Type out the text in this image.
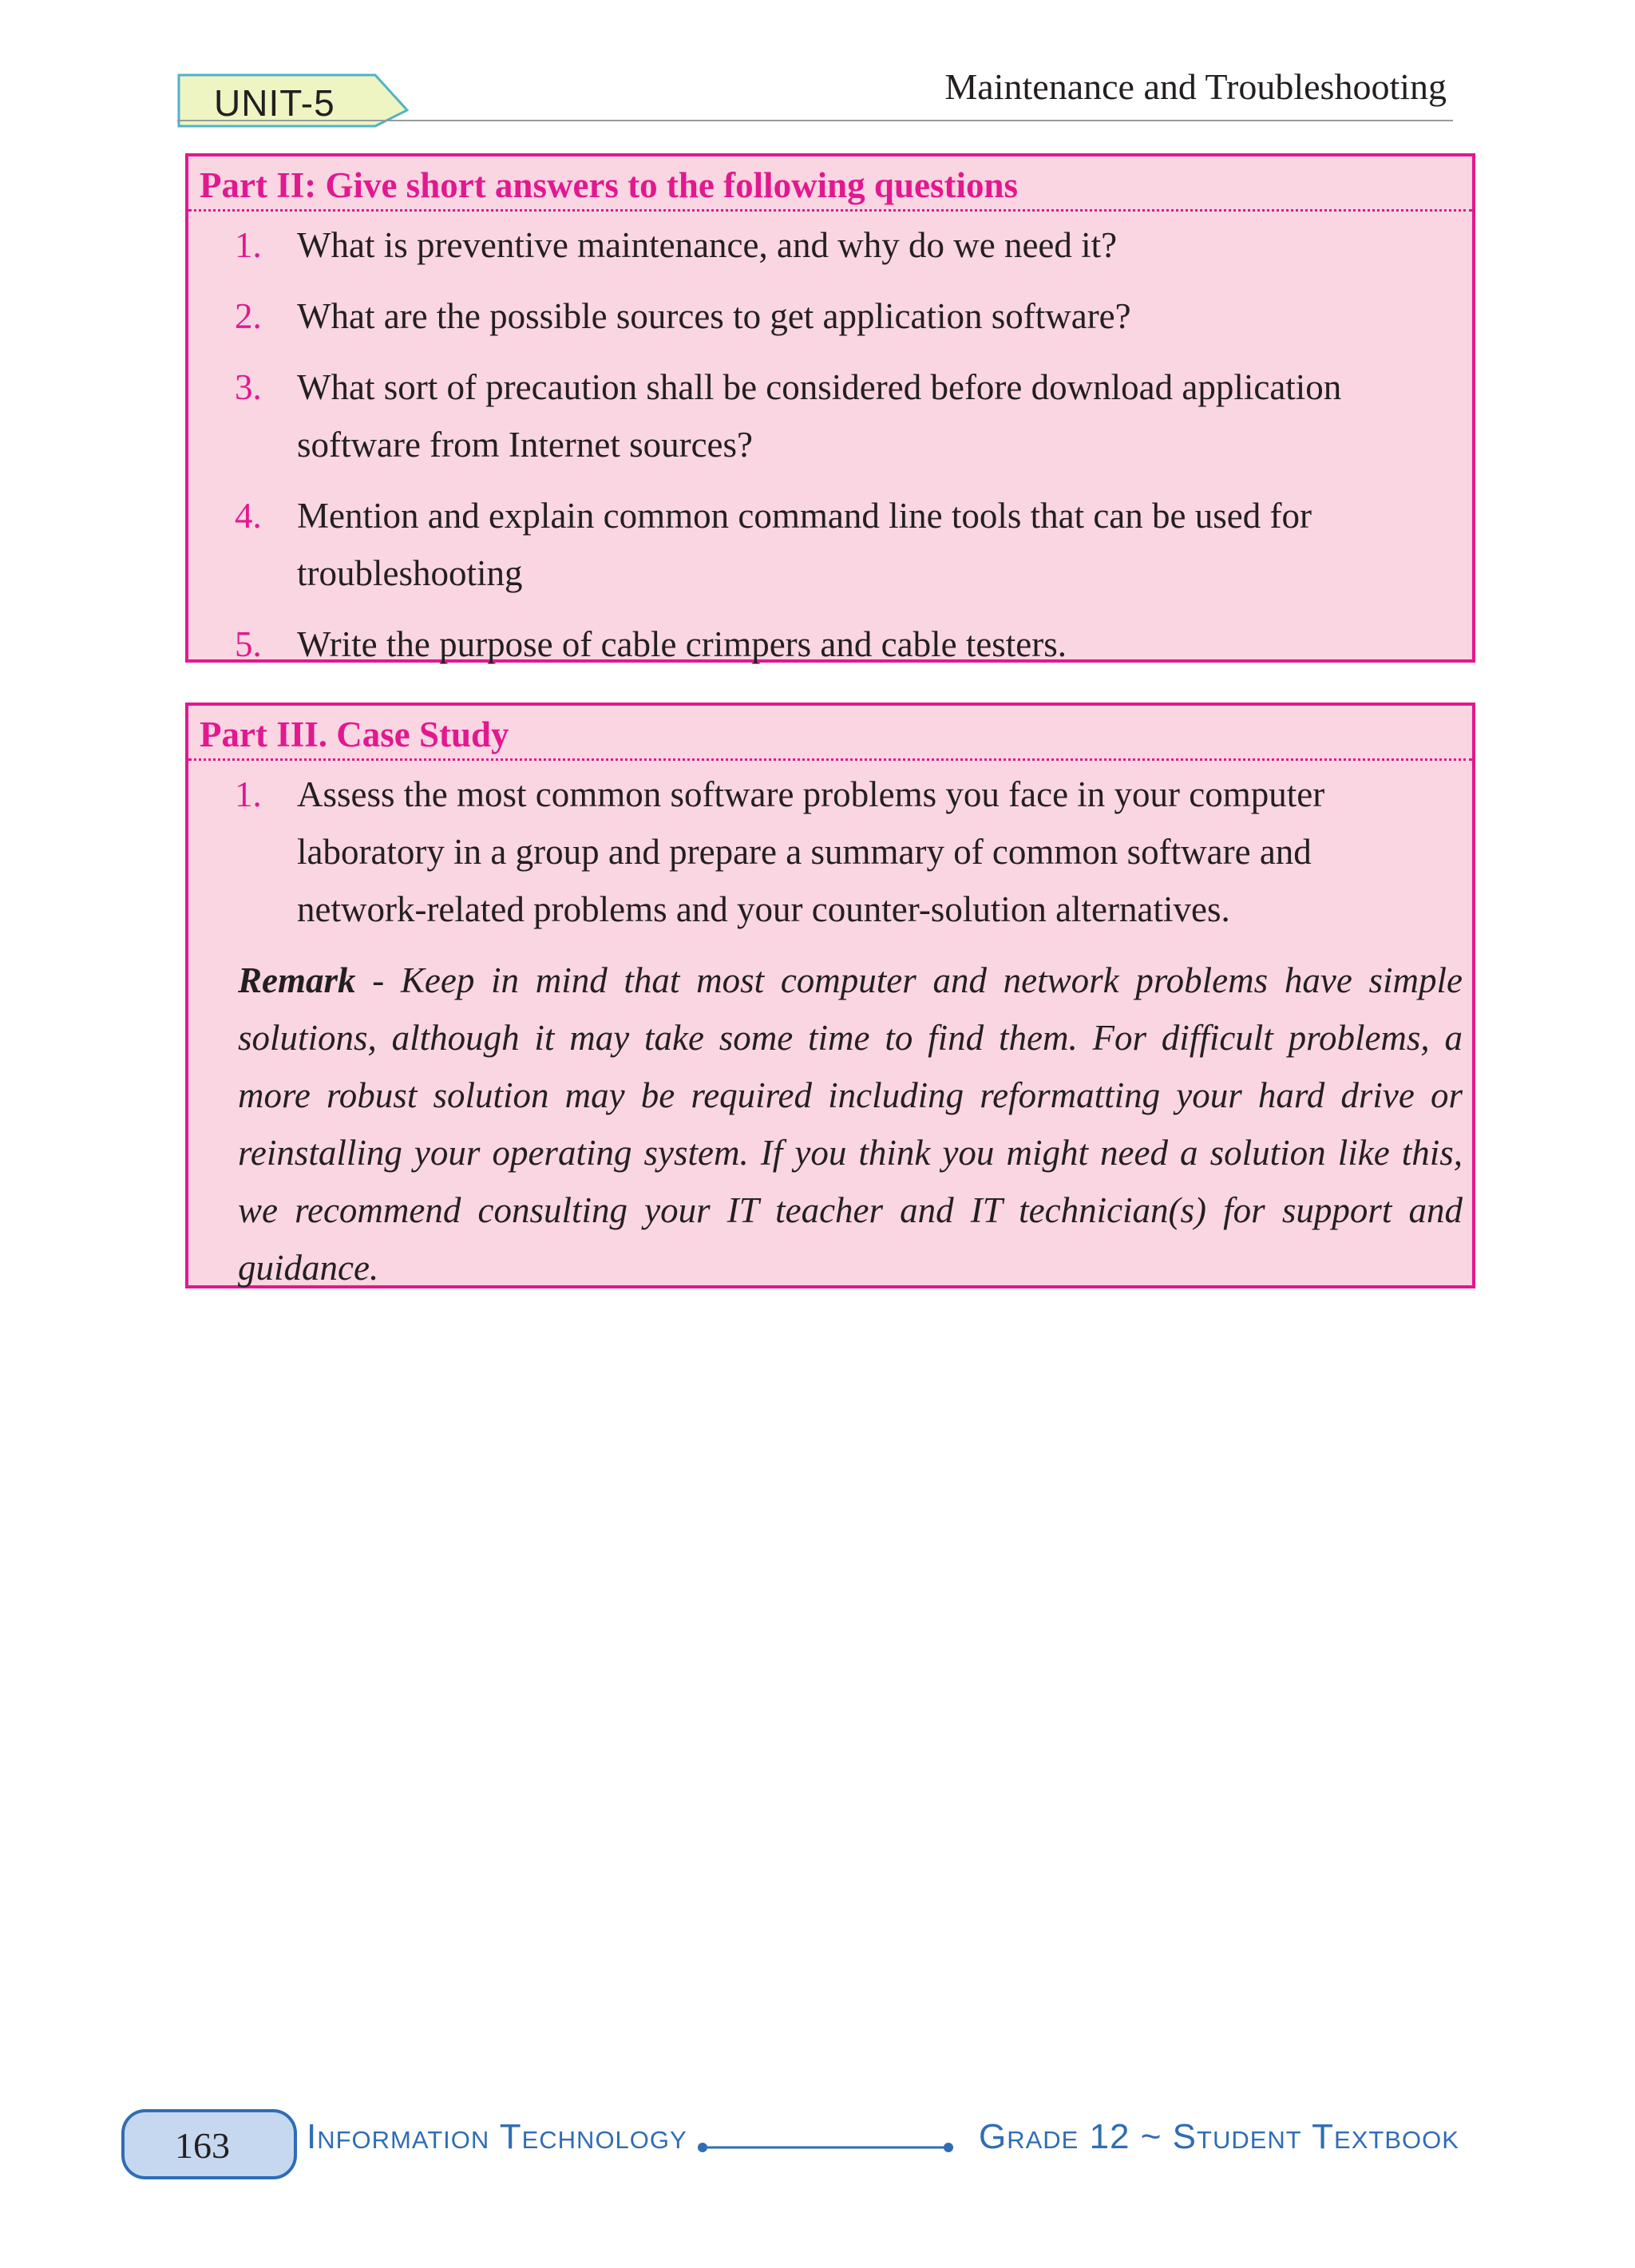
UNIT-5	Maintenance and Troubleshooting
Part II: Give short answers to the following questions
1. What is preventive maintenance, and why do we need it?
2. What are the possible sources to get application software?
3. What sort of precaution shall be considered before download application software from Internet sources?
4. Mention and explain common command line tools that can be used for troubleshooting
5. Write the purpose of cable crimpers and cable testers.
Part III. Case Study
1. Assess the most common software problems you face in your computer laboratory in a group and prepare a summary of common software and network-related problems and your counter-solution alternatives.

Remark - Keep in mind that most computer and network problems have simple solutions, although it may take some time to find them. For difficult problems, a more robust solution may be required including reformatting your hard drive or reinstalling your operating system. If you think you might need a solution like this, we recommend consulting your IT teacher and IT technician(s) for support and guidance.

163 Information Technology	Grade 12 ~ Student Textbook
